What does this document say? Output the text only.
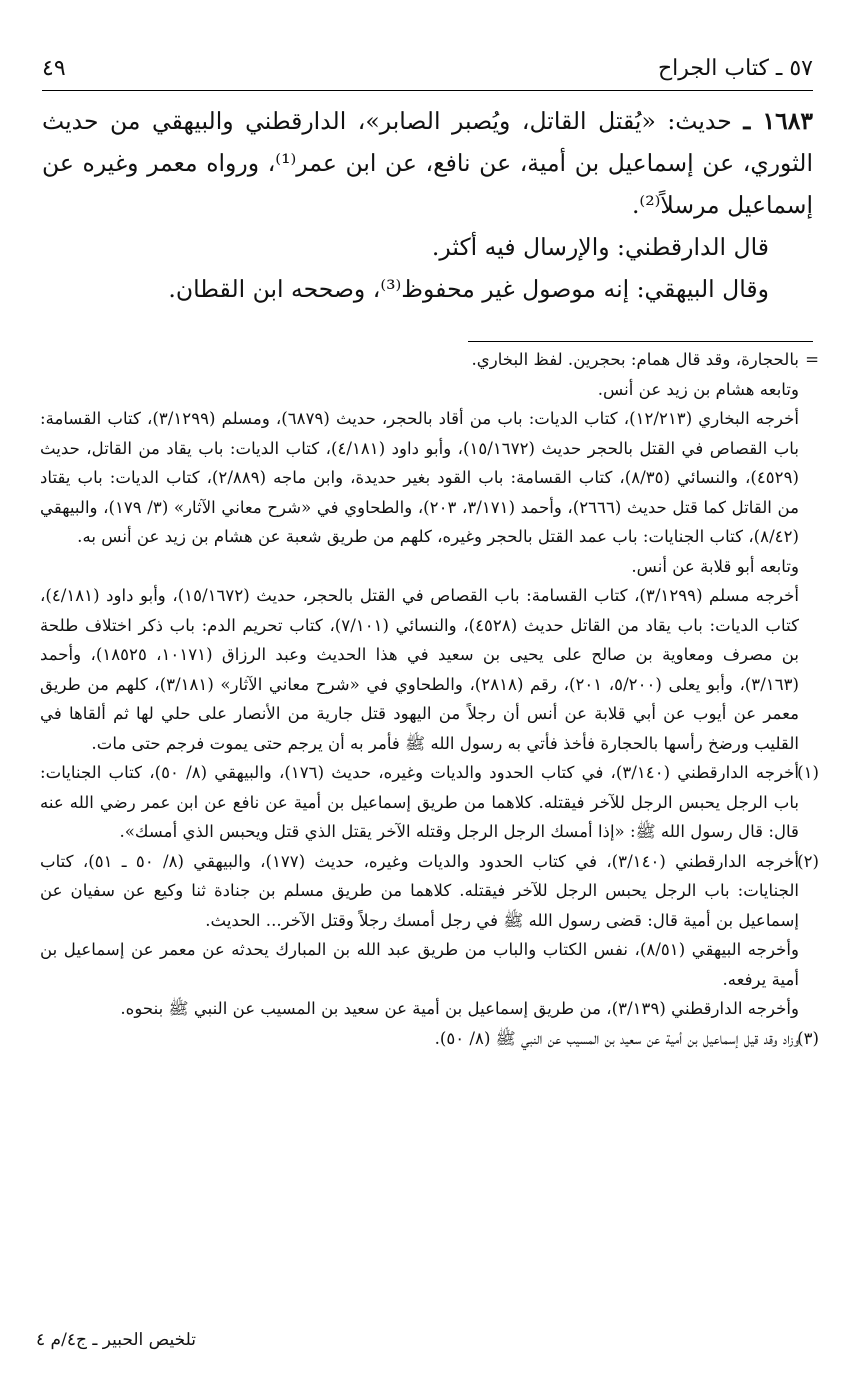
٥٧ ـ كتاب الجراح
٤٩

١٦٨٣ ـ حديث: «يُقتل القاتل، ويُصبر الصابر»، الدارقطني والبيهقي من حديث الثوري، عن إسماعيل بن أمية، عن نافع، عن ابن عمر⁽¹⁾، ورواه معمر وغيره عن إسماعيل مرسلاً⁽²⁾.

قال الدارقطني: والإرسال فيه أكثر.

وقال البيهقي: إنه موصول غير محفوظ⁽³⁾، وصححه ابن القطان.

=
بالحجارة، وقد قال همام: بحجرين. لفظ البخاري.

وتابعه هشام بن زيد عن أنس.

أخرجه البخاري (١٢/٢١٣)، كتاب الديات: باب من أقاد بالحجر، حديث (٦٨٧٩)، ومسلم (٣/١٢٩٩)، كتاب القسامة: باب القصاص في القتل بالحجر حديث (١٥/١٦٧٢)، وأبو داود (٤/١٨١)، كتاب الديات: باب يقاد من القاتل، حديث (٤٥٢٩)، والنسائي (٨/٣٥)، كتاب القسامة: باب القود بغير حديدة، وابن ماجه (٢/٨٨٩)، كتاب الديات: باب يقتاد من القاتل كما قتل حديث (٢٦٦٦)، وأحمد (٣/١٧١، ٢٠٣)، والطحاوي في «شرح معاني الآثار» (٣/ ١٧٩)، والبيهقي (٨/٤٢)، كتاب الجنايات: باب عمد القتل بالحجر وغيره، كلهم من طريق شعبة عن هشام بن زيد عن أنس به.

وتابعه أبو قلابة عن أنس.

أخرجه مسلم (٣/١٢٩٩)، كتاب القسامة: باب القصاص في القتل بالحجر، حديث (١٥/١٦٧٢)، وأبو داود (٤/١٨١)، كتاب الديات: باب يقاد من القاتل حديث (٤٥٢٨)، والنسائي (٧/١٠١)، كتاب تحريم الدم: باب ذكر اختلاف طلحة بن مصرف ومعاوية بن صالح على يحيى بن سعيد في هذا الحديث وعبد الرزاق (١٠١٧١، ١٨٥٢٥)، وأحمد (٣/١٦٣)، وأبو يعلى (٥/٢٠٠، ٢٠١)، رقم (٢٨١٨)، والطحاوي في «شرح معاني الآثار» (٣/١٨١)، كلهم من طريق معمر عن أيوب عن أبي قلابة عن أنس أن رجلاً من اليهود قتل جارية من الأنصار على حلي لها ثم ألقاها في القليب ورضخ رأسها بالحجارة فأخذ فأتي به رسول الله ﷺ فأمر به أن يرجم حتى يموت فرجم حتى مات.

(١)
أخرجه الدارقطني (٣/١٤٠)، في كتاب الحدود والديات وغيره، حديث (١٧٦)، والبيهقي (٨/ ٥٠)، كتاب الجنايات: باب الرجل يحبس الرجل للآخر فيقتله. كلاهما من طريق إسماعيل بن أمية عن نافع عن ابن عمر رضي الله عنه قال: قال رسول الله ﷺ: «إذا أمسك الرجل الرجل وقتله الآخر يقتل الذي قتل ويحبس الذي أمسك».

(٢)
أخرجه الدارقطني (٣/١٤٠)، في كتاب الحدود والديات وغيره، حديث (١٧٧)، والبيهقي (٨/ ٥٠ ـ ٥١)، كتاب الجنايات: باب الرجل يحبس الرجل للآخر فيقتله. كلاهما من طريق مسلم بن جنادة ثنا وكيع عن سفيان عن إسماعيل بن أمية قال: قضى رسول الله ﷺ في رجل أمسك رجلاً وقتل الآخر... الحديث.

وأخرجه البيهقي (٨/٥١)، نفس الكتاب والباب من طريق عبد الله بن المبارك يحدثه عن معمر عن إسماعيل بن أمية يرفعه.

وأخرجه الدارقطني (٣/١٣٩)، من طريق إسماعيل بن أمية عن سعيد بن المسيب عن النبي ﷺ بنحوه.

(٣)
وزاد وقد قيل إسماعيل بن أمية عن سعيد بن المسيب عن النبي ﷺ (٨/ ٥٠).

تلخيص الحبير ـ ج٤/م ٤
